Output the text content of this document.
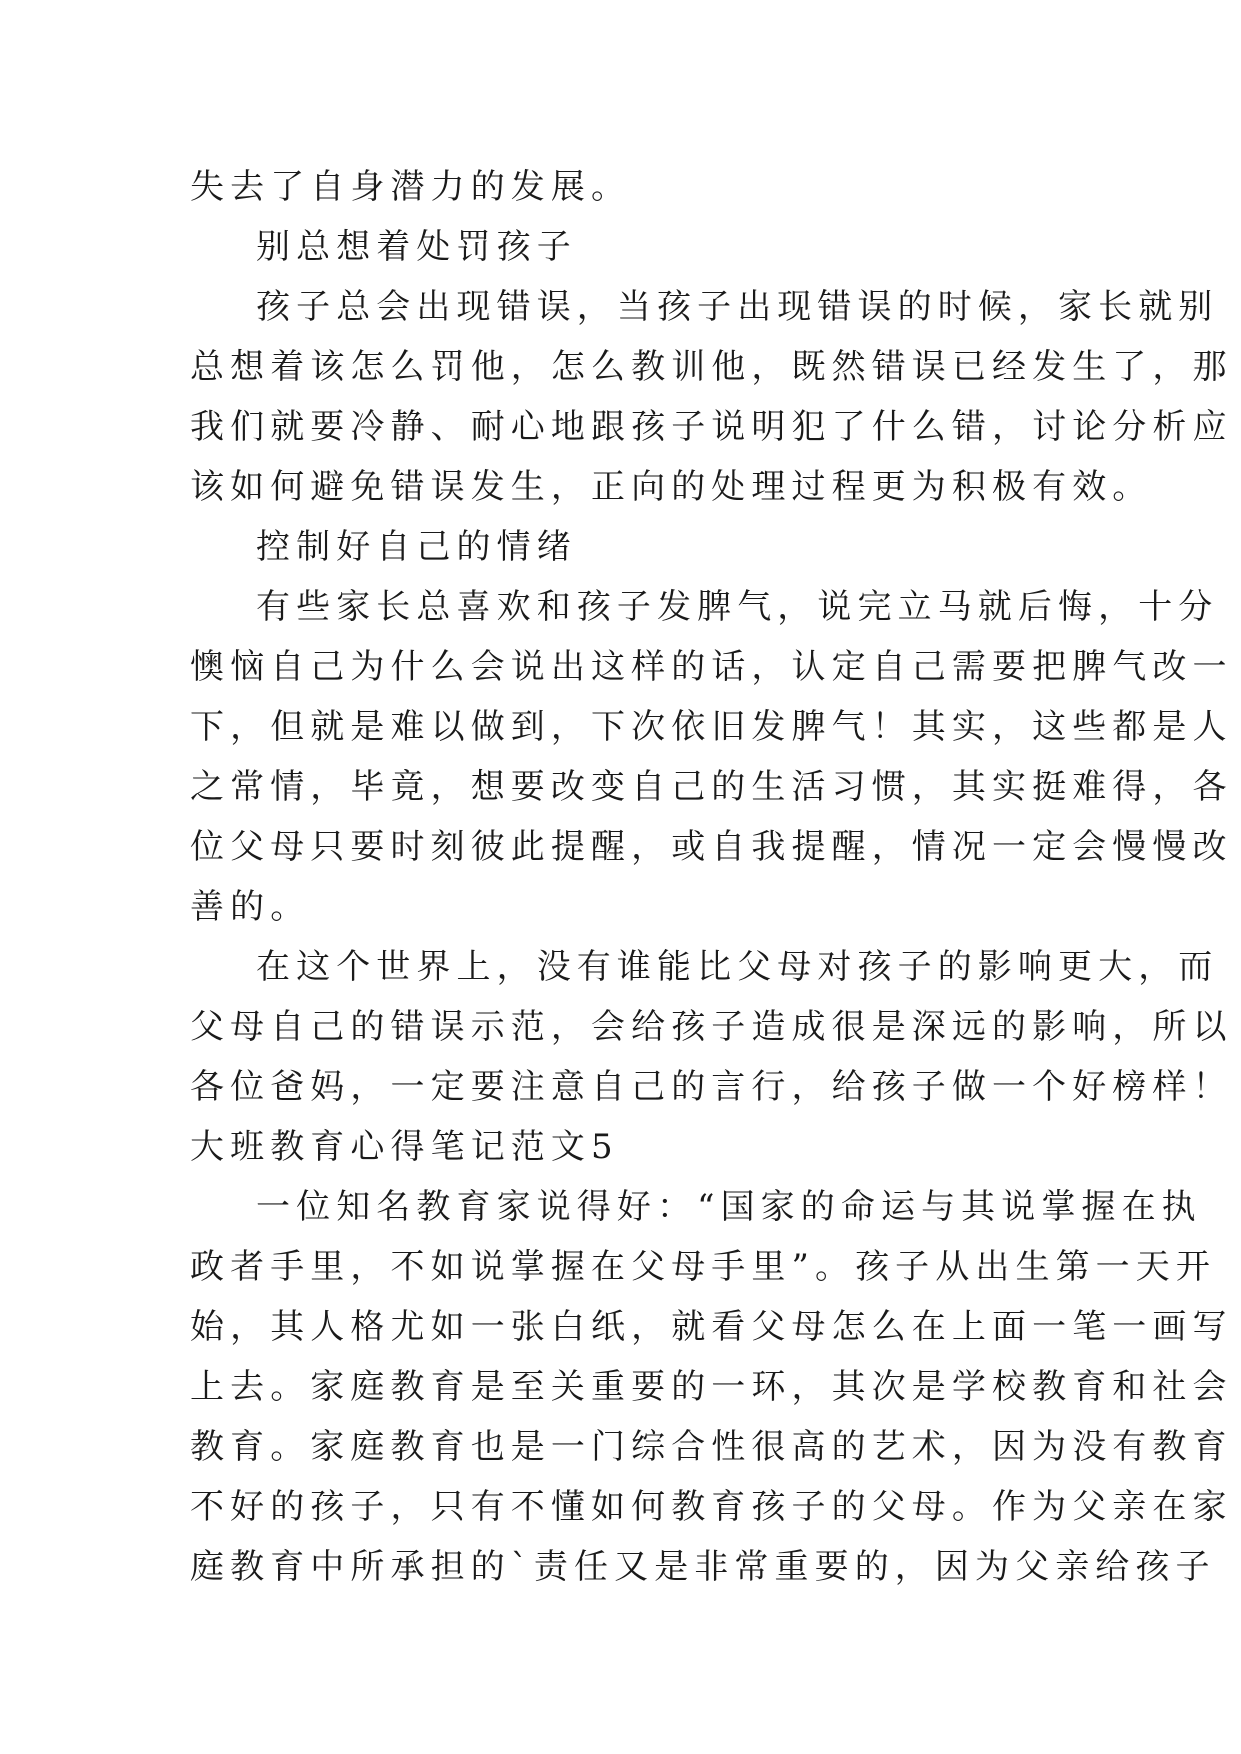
失去了自身潜力的发展。
别总想着处罚孩子
孩子总会出现错误，当孩子出现错误的时候，家长就别
总想着该怎么罚他，怎么教训他，既然错误已经发生了，那
我们就要冷静、耐心地跟孩子说明犯了什么错，讨论分析应
该如何避免错误发生，正向的处理过程更为积极有效。
控制好自己的情绪
有些家长总喜欢和孩子发脾气，说完立马就后悔，十分
懊恼自己为什么会说出这样的话，认定自己需要把脾气改一
下，但就是难以做到，下次依旧发脾气！其实，这些都是人
之常情，毕竟，想要改变自己的生活习惯，其实挺难得，各
位父母只要时刻彼此提醒，或自我提醒，情况一定会慢慢改
善的。
在这个世界上，没有谁能比父母对孩子的影响更大，而
父母自己的错误示范，会给孩子造成很是深远的影响，所以
各位爸妈，一定要注意自己的言行，给孩子做一个好榜样！
大班教育心得笔记范文5
一位知名教育家说得好：“国家的命运与其说掌握在执
政者手里，不如说掌握在父母手里”。孩子从出生第一天开
始，其人格尤如一张白纸，就看父母怎么在上面一笔一画写
上去。家庭教育是至关重要的一环，其次是学校教育和社会
教育。家庭教育也是一门综合性很高的艺术，因为没有教育
不好的孩子，只有不懂如何教育孩子的父母。作为父亲在家
庭教育中所承担的`责任又是非常重要的，因为父亲给孩子
